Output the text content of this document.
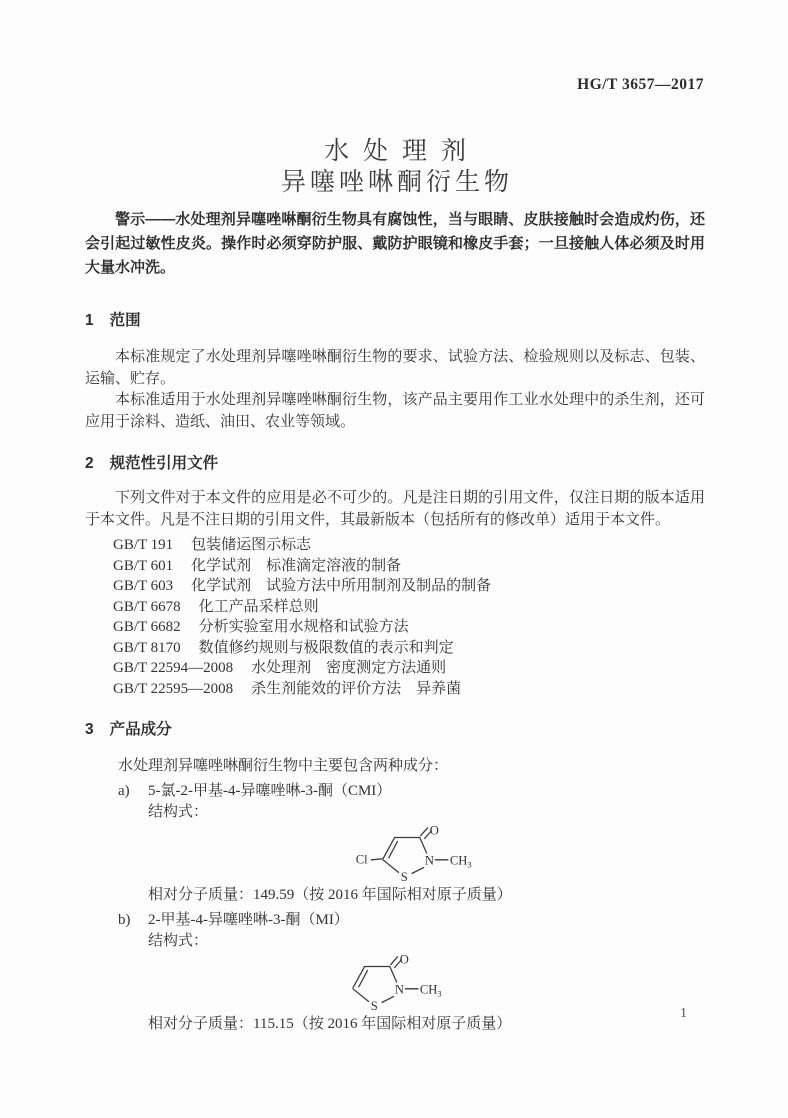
HG/T 3657—2017
水处理剂
异噻唑啉酮衍生物

警示——水处理剂异噻唑啉酮衍生物具有腐蚀性，当与眼睛、皮肤接触时会造成灼伤，还会引起过敏性皮炎。操作时必须穿防护服、戴防护眼镜和橡皮手套；一旦接触人体必须及时用大量水冲洗。

1 范围

本标准规定了水处理剂异噻唑啉酮衍生物的要求、试验方法、检验规则以及标志、包装、运输、贮存。

本标准适用于水处理剂异噻唑啉酮衍生物，该产品主要用作工业水处理中的杀生剂，还可应用于涂料、造纸、油田、农业等领域。

2 规范性引用文件

下列文件对于本文件的应用是必不可少的。凡是注日期的引用文件，仅注日期的版本适用于本文件。凡是不注日期的引用文件，其最新版本（包括所有的修改单）适用于本文件。

GB/T 191 包装储运图示标志
GB/T 601 化学试剂　标准滴定溶液的制备
GB/T 603 化学试剂　试验方法中所用制剂及制品的制备
GB/T 6678 化工产品采样总则
GB/T 6682 分析实验室用水规格和试验方法
GB/T 8170 数值修约规则与极限数值的表示和判定
GB/T 22594—2008 水处理剂　密度测定方法通则
GB/T 22595—2008 杀生剂能效的评价方法　异养菌
3 产品成分
水处理剂异噻唑啉酮衍生物中主要包含两种成分：
a) 5-氯-2-甲基-4-异噻唑啉-3-酮（CMI）
结构式：
Cl
O
N
S
$CH_3$
相对分子质量：149.59（按 2016 年国际相对原子质量）
b) 2-甲基-4-异噻唑啉-3-酮（MI）
结构式：
O
N
S
$CH_3$
相对分子质量：115.15（按 2016 年国际相对原子质量）
1
